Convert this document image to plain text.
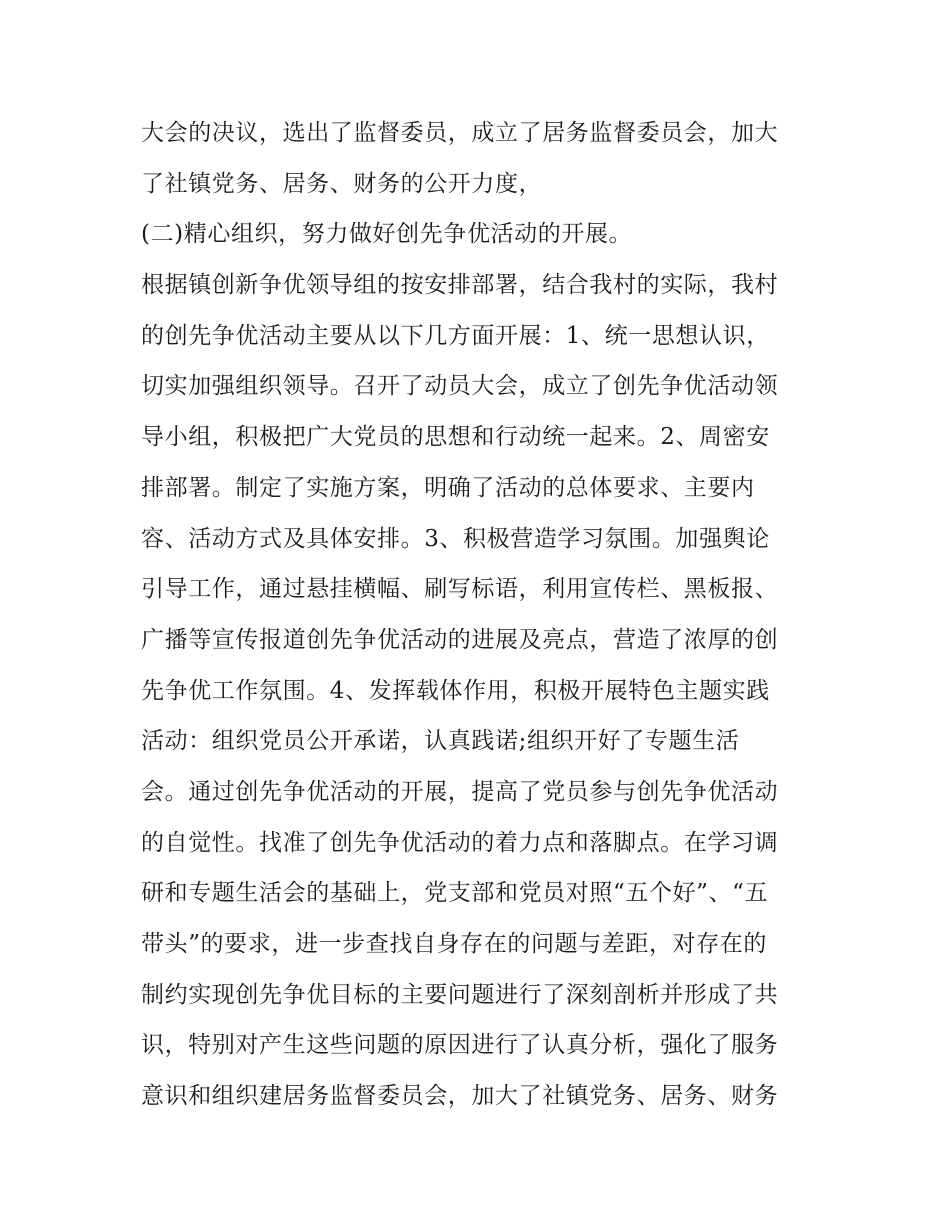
大会的决议，选出了监督委员，成立了居务监督委员会，加大
了社镇党务、居务、财务的公开力度，
(二)精心组织，努力做好创先争优活动的开展。
根据镇创新争优领导组的按安排部署，结合我村的实际，我村
的创先争优活动主要从以下几方面开展：1、统一思想认识，
切实加强组织领导。召开了动员大会，成立了创先争优活动领
导小组，积极把广大党员的思想和行动统一起来。2、周密安
排部署。制定了实施方案，明确了活动的总体要求、主要内
容、活动方式及具体安排。3、积极营造学习氛围。加强舆论
引导工作，通过悬挂横幅、刷写标语，利用宣传栏、黑板报、
广播等宣传报道创先争优活动的进展及亮点，营造了浓厚的创
先争优工作氛围。4、发挥载体作用，积极开展特色主题实践
活动：组织党员公开承诺，认真践诺;组织开好了专题生活
会。通过创先争优活动的开展，提高了党员参与创先争优活动
的自觉性。找准了创先争优活动的着力点和落脚点。在学习调
研和专题生活会的基础上，党支部和党员对照“五个好”、“五
带头”的要求，进一步查找自身存在的问题与差距，对存在的
制约实现创先争优目标的主要问题进行了深刻剖析并形成了共
识，特别对产生这些问题的原因进行了认真分析，强化了服务
意识和组织建居务监督委员会，加大了社镇党务、居务、财务
